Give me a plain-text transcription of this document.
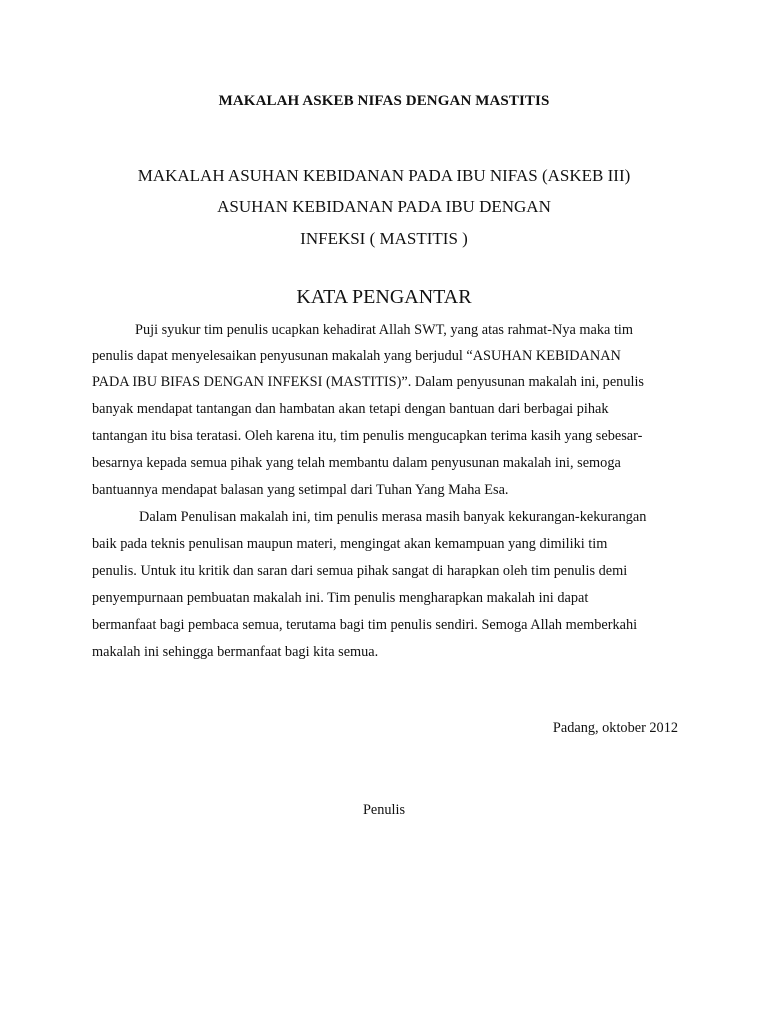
MAKALAH ASKEB NIFAS DENGAN MASTITIS
MAKALAH ASUHAN KEBIDANAN PADA IBU NIFAS (ASKEB III)
ASUHAN KEBIDANAN PADA IBU DENGAN
INFEKSI ( MASTITIS )
KATA PENGANTAR
Puji syukur tim penulis ucapkan kehadirat Allah SWT, yang atas rahmat-Nya maka tim
penulis dapat menyelesaikan penyusunan makalah yang berjudul “ASUHAN KEBIDANAN
PADA IBU BIFAS DENGAN INFEKSI (MASTITIS)”. Dalam penyusunan makalah ini, penulis
banyak mendapat tantangan dan hambatan akan tetapi dengan bantuan dari berbagai pihak
tantangan itu bisa teratasi. Oleh karena itu, tim penulis mengucapkan terima kasih yang sebesar-
besarnya kepada semua pihak yang telah membantu dalam penyusunan makalah ini, semoga
bantuannya mendapat balasan yang setimpal dari Tuhan Yang Maha Esa.
Dalam Penulisan makalah ini, tim penulis merasa masih banyak kekurangan-kekurangan
baik pada teknis penulisan maupun materi, mengingat akan kemampuan yang dimiliki tim
penulis. Untuk itu kritik dan saran dari semua pihak sangat di harapkan oleh tim penulis demi
penyempurnaan pembuatan makalah ini. Tim penulis mengharapkan makalah ini dapat
bermanfaat bagi pembaca semua, terutama bagi tim penulis sendiri. Semoga Allah memberkahi
makalah ini sehingga bermanfaat bagi kita semua.
Padang, oktober 2012
Penulis
